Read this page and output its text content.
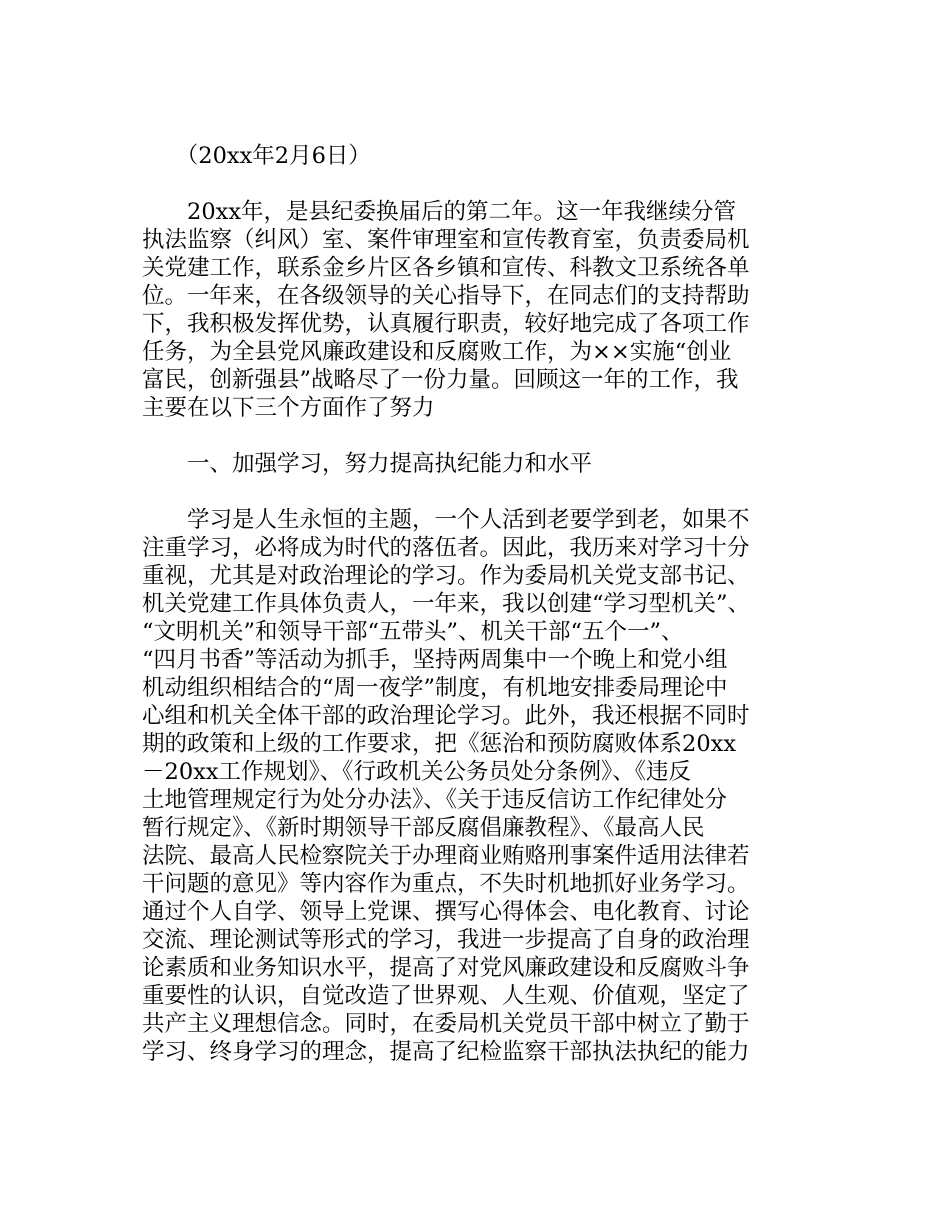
　　（20xx年2月6日）

　　20xx年，是县纪委换届后的第二年。这一年我继续分管

执法监察（纠风）室、案件审理室和宣传教育室，负责委局机

关党建工作，联系金乡片区各乡镇和宣传、科教文卫系统各单

位。一年来，在各级领导的关心指导下，在同志们的支持帮助

下，我积极发挥优势，认真履行职责，较好地完成了各项工作

任务，为全县党风廉政建设和反腐败工作，为××实施“创业

富民，创新强县”战略尽了一份力量。回顾这一年的工作，我

主要在以下三个方面作了努力

　　一、加强学习，努力提高执纪能力和水平

　　学习是人生永恒的主题，一个人活到老要学到老，如果不

注重学习，必将成为时代的落伍者。因此，我历来对学习十分

重视，尤其是对政治理论的学习。作为委局机关党支部书记、

机关党建工作具体负责人，一年来，我以创建“学习型机关”、

“文明机关”和领导干部“五带头”、机关干部“五个一”、

“四月书香”等活动为抓手，坚持两周集中一个晚上和党小组

机动组织相结合的“周一夜学”制度，有机地安排委局理论中

心组和机关全体干部的政治理论学习。此外，我还根据不同时

期的政策和上级的工作要求，把《惩治和预防腐败体系20xx

－20xx工作规划》、《行政机关公务员处分条例》、《违反

土地管理规定行为处分办法》、《关于违反信访工作纪律处分

暂行规定》、《新时期领导干部反腐倡廉教程》、《最高人民

法院、最高人民检察院关于办理商业贿赂刑事案件适用法律若

干问题的意见》等内容作为重点，不失时机地抓好业务学习。

通过个人自学、领导上党课、撰写心得体会、电化教育、讨论

交流、理论测试等形式的学习，我进一步提高了自身的政治理

论素质和业务知识水平，提高了对党风廉政建设和反腐败斗争

重要性的认识，自觉改造了世界观、人生观、价值观，坚定了

共产主义理想信念。同时，在委局机关党员干部中树立了勤于

学习、终身学习的理念，提高了纪检监察干部执法执纪的能力
